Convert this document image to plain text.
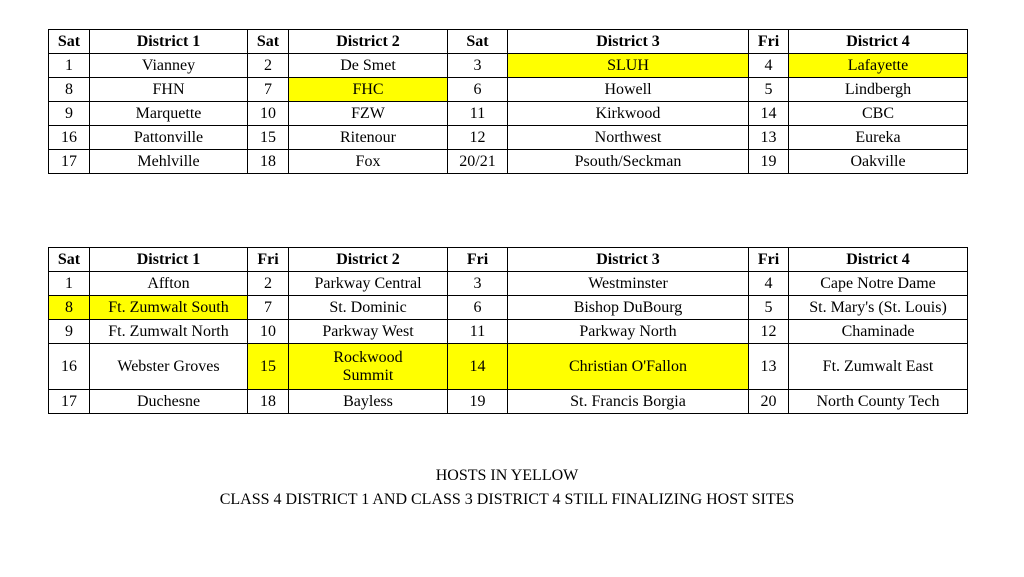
Sat	District 1	Sat	District 2	Sat	District 3	Fri	District 4
1	Vianney	2	De Smet	3	SLUH	4	Lafayette
8	FHN	7	FHC	6	Howell	5	Lindbergh
9	Marquette	10	FZW	11	Kirkwood	14	CBC
16	Pattonville	15	Ritenour	12	Northwest	13	Eureka
17	Mehlville	18	Fox	20/21	Psouth/Seckman	19	Oakville
Sat	District 1	Fri	District 2	Fri	District 3	Fri	District 4
1	Affton	2	Parkway Central	3	Westminster	4	Cape Notre Dame
8	Ft. Zumwalt South	7	St. Dominic	6	Bishop DuBourg	5	St. Mary's (St. Louis)
9	Ft. Zumwalt North	10	Parkway West	11	Parkway North	12	Chaminade
16	Webster Groves	15	Rockwood Summit	14	Christian O'Fallon	13	Ft. Zumwalt East
17	Duchesne	18	Bayless	19	St. Francis Borgia	20	North County Tech
HOSTS IN YELLOW
CLASS 4 DISTRICT 1 AND CLASS 3 DISTRICT 4 STILL FINALIZING HOST SITES
